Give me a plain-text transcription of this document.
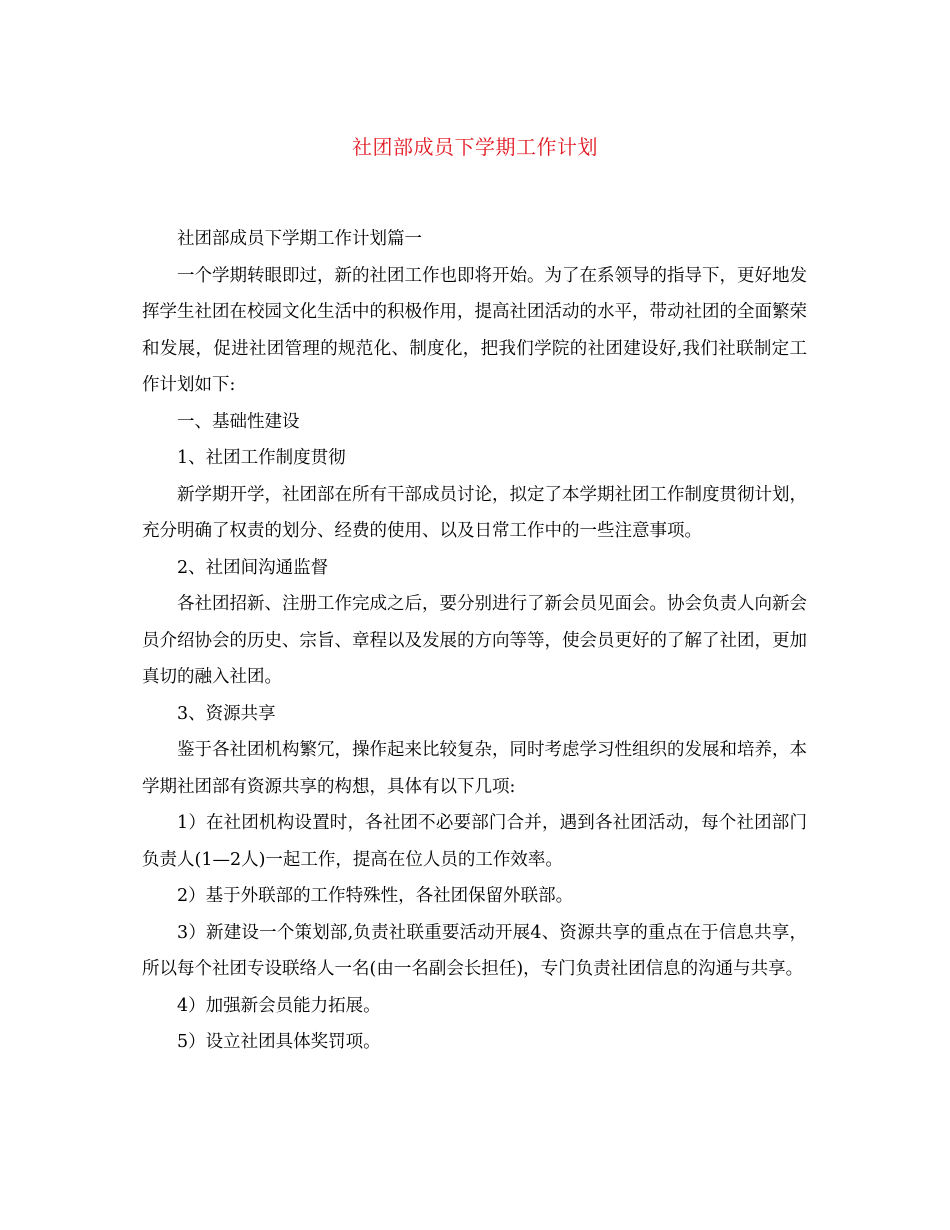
社团部成员下学期工作计划

社团部成员下学期工作计划篇一

一个学期转眼即过，新的社团工作也即将开始。为了在系领导的指导下，更好地发挥学生社团在校园文化生活中的积极作用，提高社团活动的水平，带动社团的全面繁荣和发展，促进社团管理的规范化、制度化，把我们学院的社团建设好,我们社联制定工作计划如下:

一、基础性建设

1、社团工作制度贯彻

新学期开学，社团部在所有干部成员讨论，拟定了本学期社团工作制度贯彻计划，充分明确了权责的划分、经费的使用、以及日常工作中的一些注意事项。

2、社团间沟通监督

各社团招新、注册工作完成之后，要分别进行了新会员见面会。协会负责人向新会员介绍协会的历史、宗旨、章程以及发展的方向等等，使会员更好的了解了社团，更加真切的融入社团。

3、资源共享

鉴于各社团机构繁冗，操作起来比较复杂，同时考虑学习性组织的发展和培养，本学期社团部有资源共享的构想，具体有以下几项:

1）在社团机构设置时，各社团不必要部门合并，遇到各社团活动，每个社团部门负责人(1—2人)一起工作，提高在位人员的工作效率。

2）基于外联部的工作特殊性，各社团保留外联部。

3）新建设一个策划部,负责社联重要活动开展4、资源共享的重点在于信息共享，所以每个社团专设联络人一名(由一名副会长担任)，专门负责社团信息的沟通与共享。

4）加强新会员能力拓展。

5）设立社团具体奖罚项。
